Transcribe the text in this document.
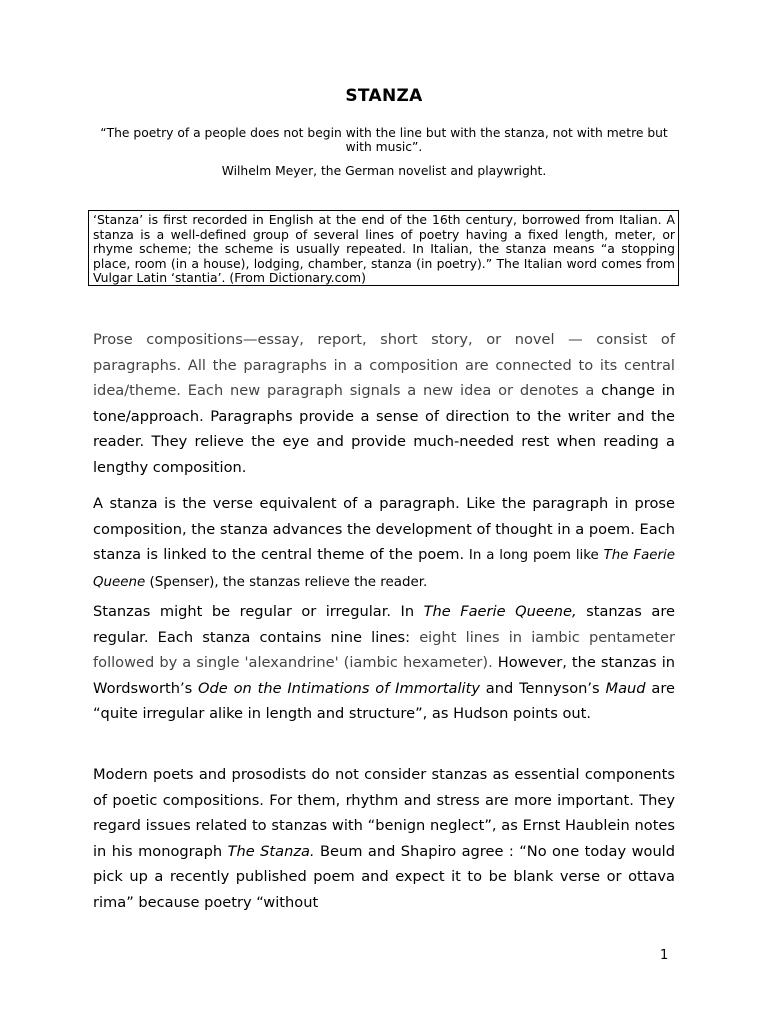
STANZA
“The poetry of a people does not begin with the line but with the stanza, not with metre but with music”.
Wilhelm Meyer, the German novelist and playwright.
‘Stanza’ is first recorded in English at the end of the 16th century, borrowed from Italian. A stanza is a well-defined group of several lines of poetry having a fixed length, meter, or rhyme scheme; the scheme is usually repeated. In Italian, the stanza means “a stopping place, room (in a house), lodging, chamber, stanza (in poetry).” The Italian word comes from Vulgar Latin ‘stantia’. (From Dictionary.com)

Prose compositions—essay, report, short story, or novel — consist of paragraphs. All the paragraphs in a composition are connected to its central idea/theme. Each new paragraph signals a new idea or denotes a change in tone/approach. Paragraphs provide a sense of direction to the writer and the reader. They relieve the eye and provide much-needed rest when reading a lengthy composition.

A stanza is the verse equivalent of a paragraph. Like the paragraph in prose composition, the stanza advances the development of thought in a poem. Each stanza is linked to the central theme of the poem. In a long poem like The Faerie Queene (Spenser), the stanzas relieve the reader.

Stanzas might be regular or irregular. In The Faerie Queene, stanzas are regular. Each stanza contains nine lines: eight lines in iambic pentameter followed by a single 'alexandrine' (iambic hexameter). However, the stanzas in Wordsworth’s Ode on the Intimations of Immortality and Tennyson’s Maud are “quite irregular alike in length and structure”, as Hudson points out.

Modern poets and prosodists do not consider stanzas as essential components of poetic compositions. For them, rhythm and stress are more important. They regard issues related to stanzas with “benign neglect”, as Ernst Haublein notes in his monograph The Stanza. Beum and Shapiro agree : “No one today would pick up a recently published poem and expect it to be blank verse or ottava rima” because poetry “without

1
